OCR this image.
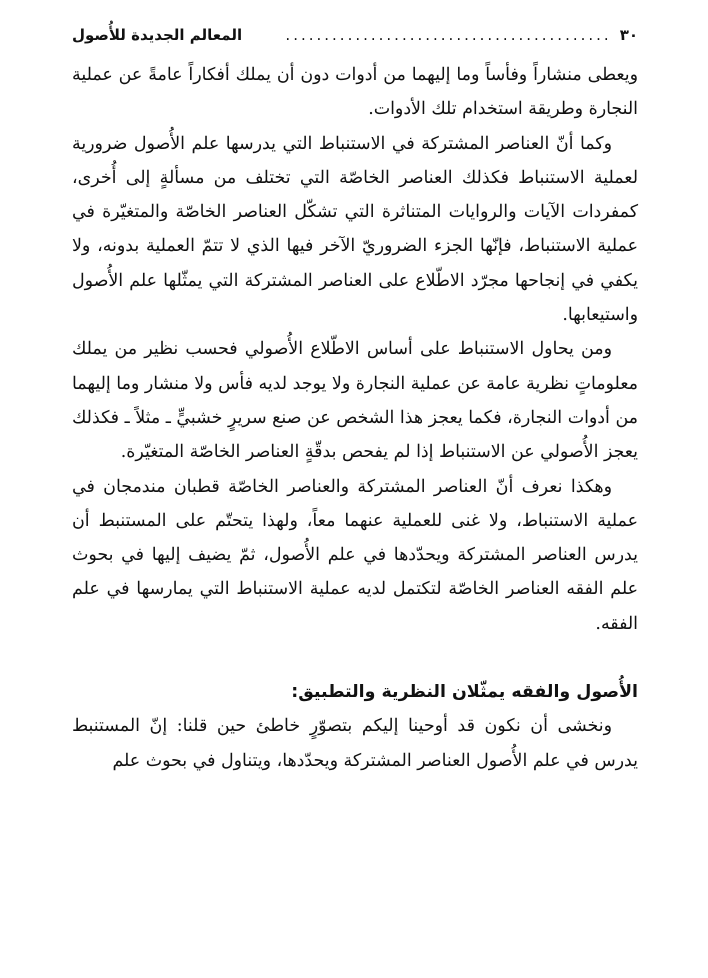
٣٠
..........................................
المعالم الجديدة للأُصول

ويعطى منشاراً وفأساً وما إليهما من أدوات دون أن يملك أفكاراً عامةً عن عملية النجارة وطريقة استخدام تلك الأدوات.

وكما أنّ العناصر المشتركة في الاستنباط التي يدرسها علم الأُصول ضرورية لعملية الاستنباط فكذلك العناصر الخاصّة التي تختلف من مسألةٍ إلى أُخرى، كمفردات الآيات والروايات المتناثرة التي تشكّل العناصر الخاصّة والمتغيّرة في عملية الاستنباط، فإنّها الجزء الضروريّ الآخر فيها الذي لا تتمّ العملية بدونه، ولا يكفي في إنجاحها مجرّد الاطّلاع على العناصر المشتركة التي يمثّلها علم الأُصول واستيعابها.

ومن يحاول الاستنباط على أساس الاطّلاع الأُصولي فحسب نظير من يملك معلوماتٍ نظرية عامة عن عملية النجارة ولا يوجد لديه فأس ولا منشار وما إليهما من أدوات النجارة، فكما يعجز هذا الشخص عن صنع سريرٍ خشبيٍّ ـ مثلاً ـ فكذلك يعجز الأُصولي عن الاستنباط إذا لم يفحص بدقّةٍ العناصر الخاصّة المتغيّرة.

وهكذا نعرف أنّ العناصر المشتركة والعناصر الخاصّة قطبان مندمجان في عملية الاستنباط، ولا غنى للعملية عنهما معاً، ولهذا يتحتّم على المستنبط أن يدرس العناصر المشتركة ويحدّدها في علم الأُصول، ثمّ يضيف إليها في بحوث علم الفقه العناصر الخاصّة لتكتمل لديه عملية الاستنباط التي يمارسها في علم الفقه.

الأُصول والفقه يمثّلان النظرية والتطبيق:

ونخشى أن نكون قد أوحينا إليكم بتصوّرٍ خاطئ حين قلنا: إنّ المستنبط يدرس في علم الأُصول العناصر المشتركة ويحدّدها، ويتناول في بحوث علم
